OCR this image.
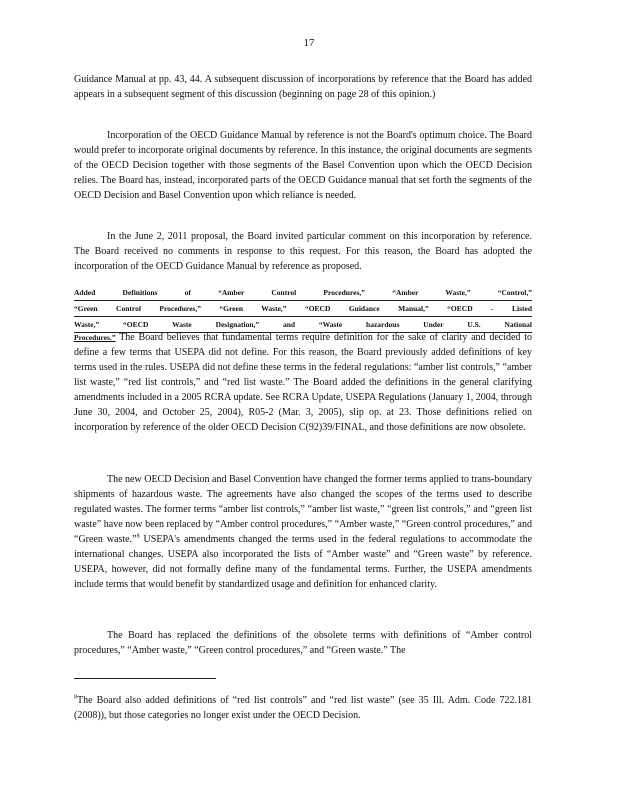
17

Guidance Manual at pp. 43, 44. A subsequent discussion of incorporations by reference that the Board has added appears in a subsequent segment of this discussion (beginning on page 28 of this opinion.)

Incorporation of the OECD Guidance Manual by reference is not the Board's optimum choice. The Board would prefer to incorporate original documents by reference. In this instance, the original documents are segments of the OECD Decision together with those segments of the Basel Convention upon which the OECD Decision relies. The Board has, instead, incorporated parts of the OECD Guidance manual that set forth the segments of the OECD Decision and Basel Convention upon which reliance is needed.

In the June 2, 2011 proposal, the Board invited particular comment on this incorporation by reference. The Board received no comments in response to this request. For this reason, the Board has adopted the incorporation of the OECD Guidance Manual by reference as proposed.

Added Definitions of “Amber Control Procedures,” “Amber Waste,” “Control,”
“Green Control Procedures,” “Green Waste,” “OECD Guidance Manual,” “OECD - Listed
Waste,” “OECD Waste Designation,” and “Waste hazardous Under U.S. National

Procedures.” The Board believes that fundamental terms require definition for the sake of clarity and decided to define a few terms that USEPA did not define. For this reason, the Board previously added definitions of key terms used in the rules. USEPA did not define these terms in the federal regulations: “amber list controls,” “amber list waste,” “red list controls,” and “red list waste.” The Board added the definitions in the general clarifying amendments included in a 2005 RCRA update. See RCRA Update, USEPA Regulations (January 1, 2004, through June 30, 2004, and October 25, 2004), R05-2 (Mar. 3, 2005), slip op. at 23. Those definitions relied on incorporation by reference of the older OECD Decision C(92)39/FINAL, and those definitions are now obsolete.

The new OECD Decision and Basel Convention have changed the former terms applied to trans-boundary shipments of hazardous waste. The agreements have also changed the scopes of the terms used to describe regulated wastes. The former terms “amber list controls,” “amber list waste,” “green list controls,” and “green list waste” have now been replaced by “Amber control procedures,” “Amber waste,” “Green control procedures,” and “Green waste.”$^8$ USEPA's amendments changed the terms used in the federal regulations to accommodate the international changes. USEPA also incorporated the lists of “Amber waste” and “Green waste” by reference. USEPA, however, did not formally define many of the fundamental terms. Further, the USEPA amendments include terms that would benefit by standardized usage and definition for enhanced clarity.

The Board has replaced the definitions of the obsolete terms with definitions of “Amber control procedures,” “Amber waste,” “Green control procedures,” and “Green waste.” The

$^8$The Board also added definitions of “red list controls” and “red list waste” (see 35 Ill. Adm. Code 722.181 (2008)), but those categories no longer exist under the OECD Decision.
